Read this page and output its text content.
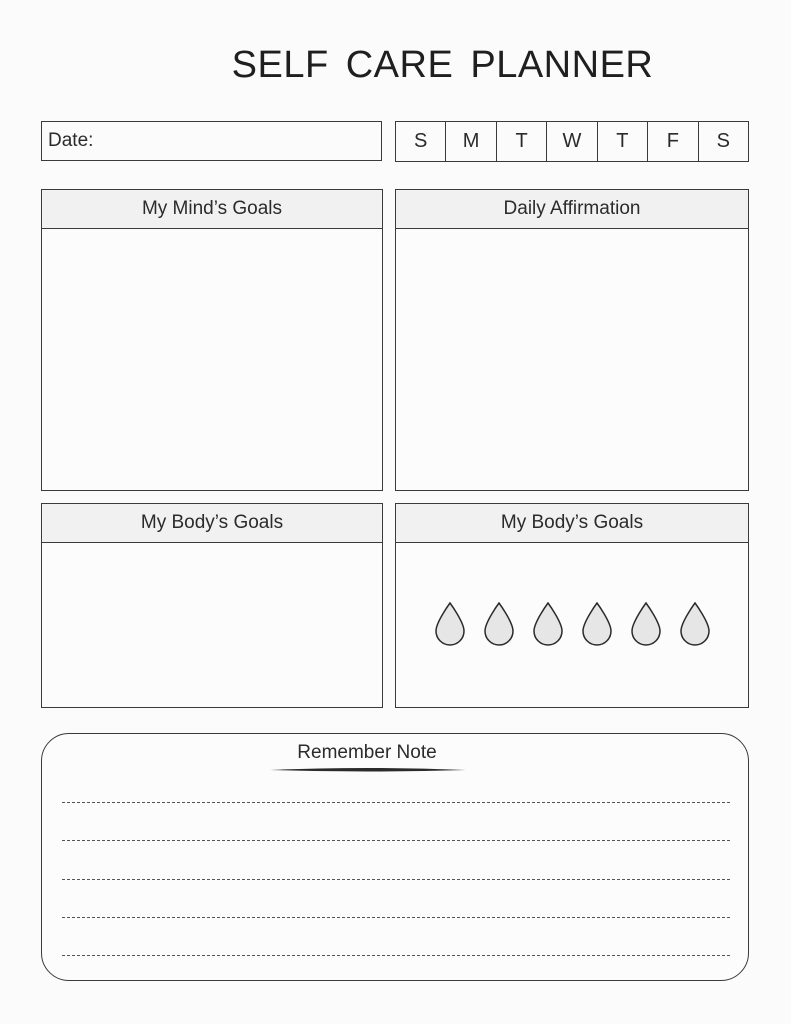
SELF CARE PLANNER
Date:	S	M	T	W	T	F	S
My Mind’s Goals	Daily Affirmation
My Body’s Goals	My Body’s Goals
Remember Note
